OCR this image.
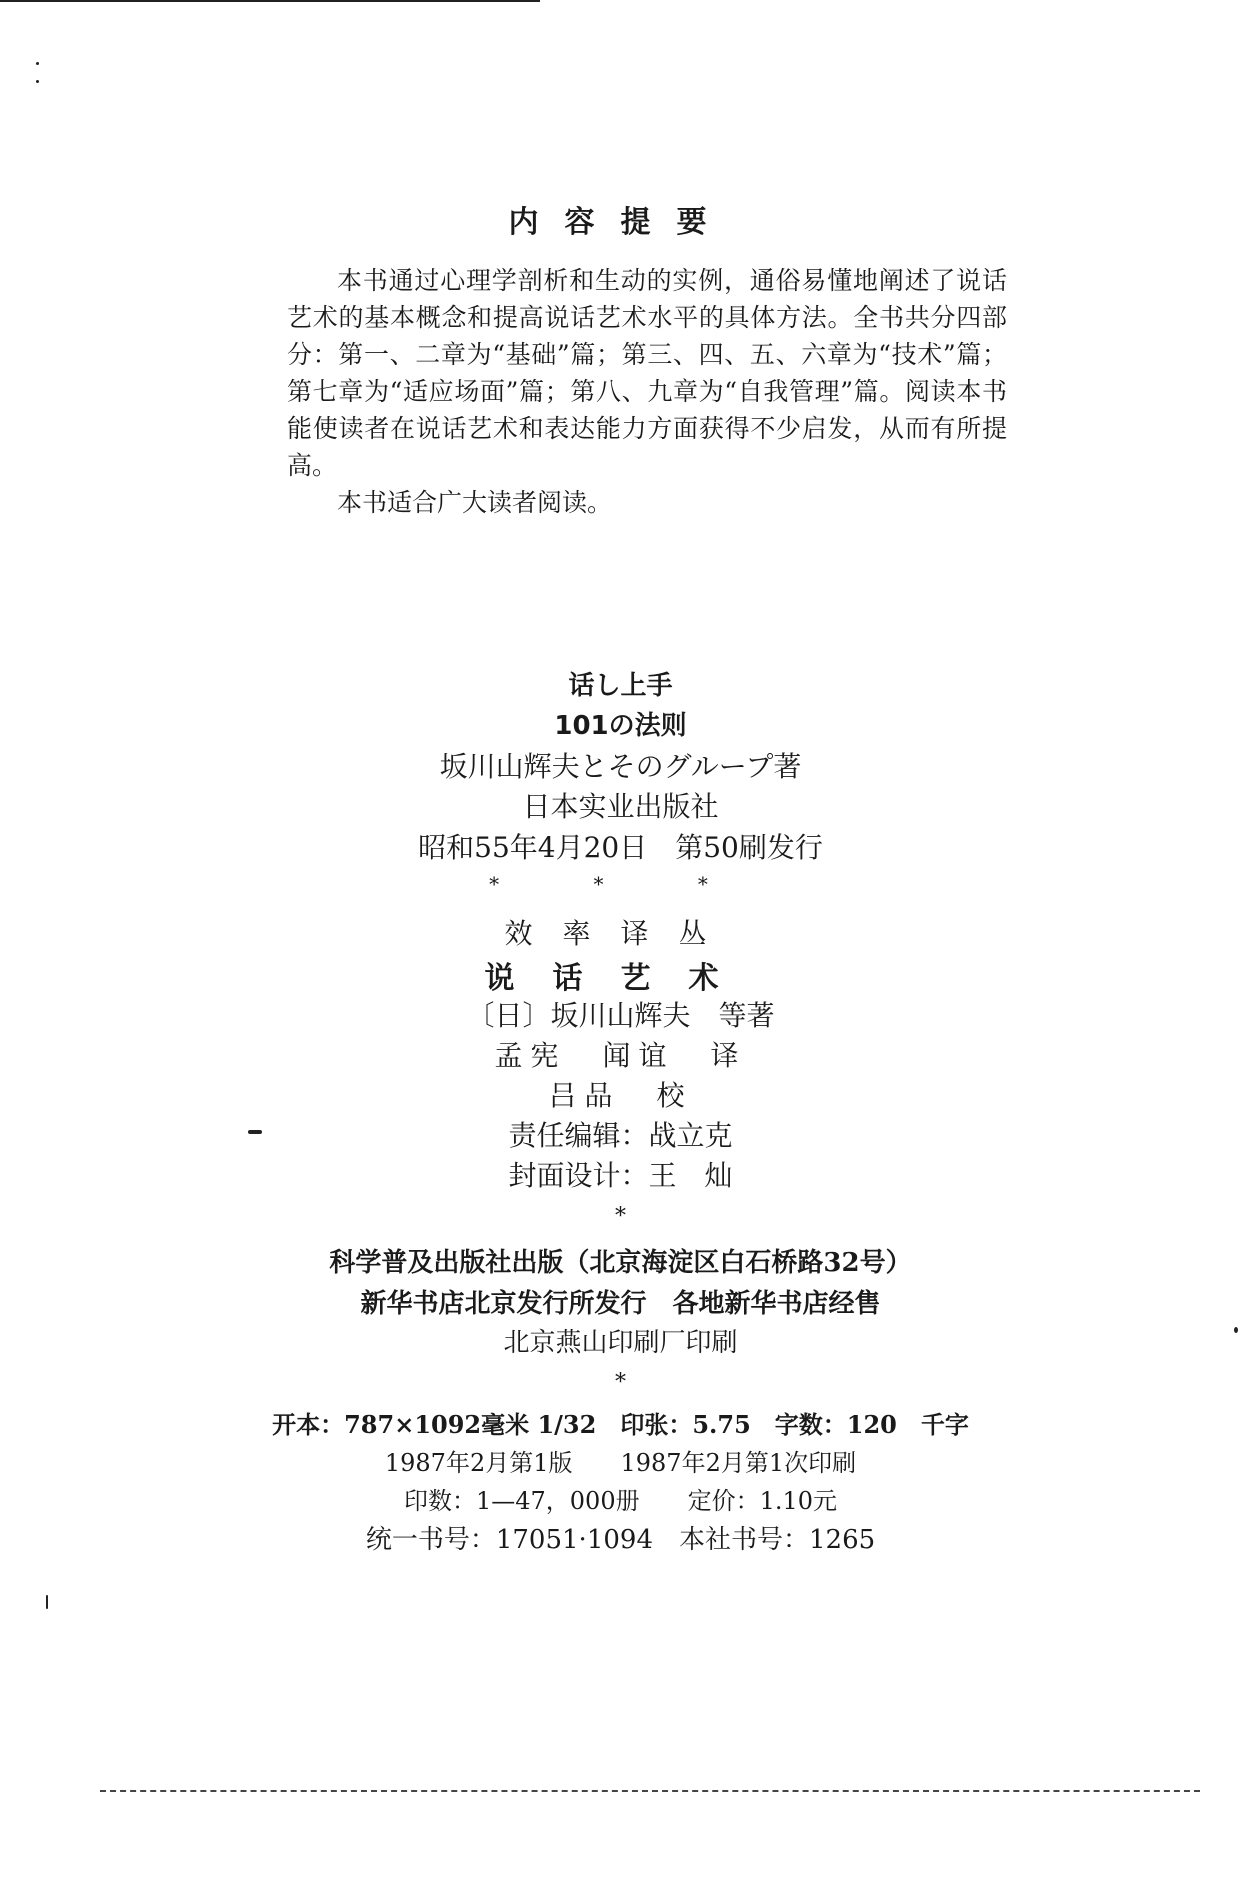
内容提要

本书通过心理学剖析和生动的实例，通俗易懂地阐述了说话艺术的基本概念和提高说话艺术水平的具体方法。全书共分四部分：第一、二章为“基础”篇；第三、四、五、六章为“技术”篇；第七章为“适应场面”篇；第八、九章为“自我管理”篇。阅读本书能使读者在说话艺术和表达能力方面获得不少启发，从而有所提高。

本书适合广大读者阅读。

话し上手
101の法则
坂川山辉夫とそのグループ著
日本实业出版社
昭和55年4月20日　第50刷发行
* * *
效率译丛
说话艺术
〔日〕坂川山辉夫　等著
孟宪　闻谊　译
吕品　校
责任编辑：战立克
封面设计：王　灿
*
科学普及出版社出版（北京海淀区白石桥路32号）
新华书店北京发行所发行　各地新华书店经售
北京燕山印刷厂印刷
*
开本：787×1092毫米 1/32　印张：5.75　字数：120　千字
1987年2月第1版　　1987年2月第1次印刷
印数：1—47，000册　　定价：1.10元
统一书号：17051·1094　本社书号：1265
